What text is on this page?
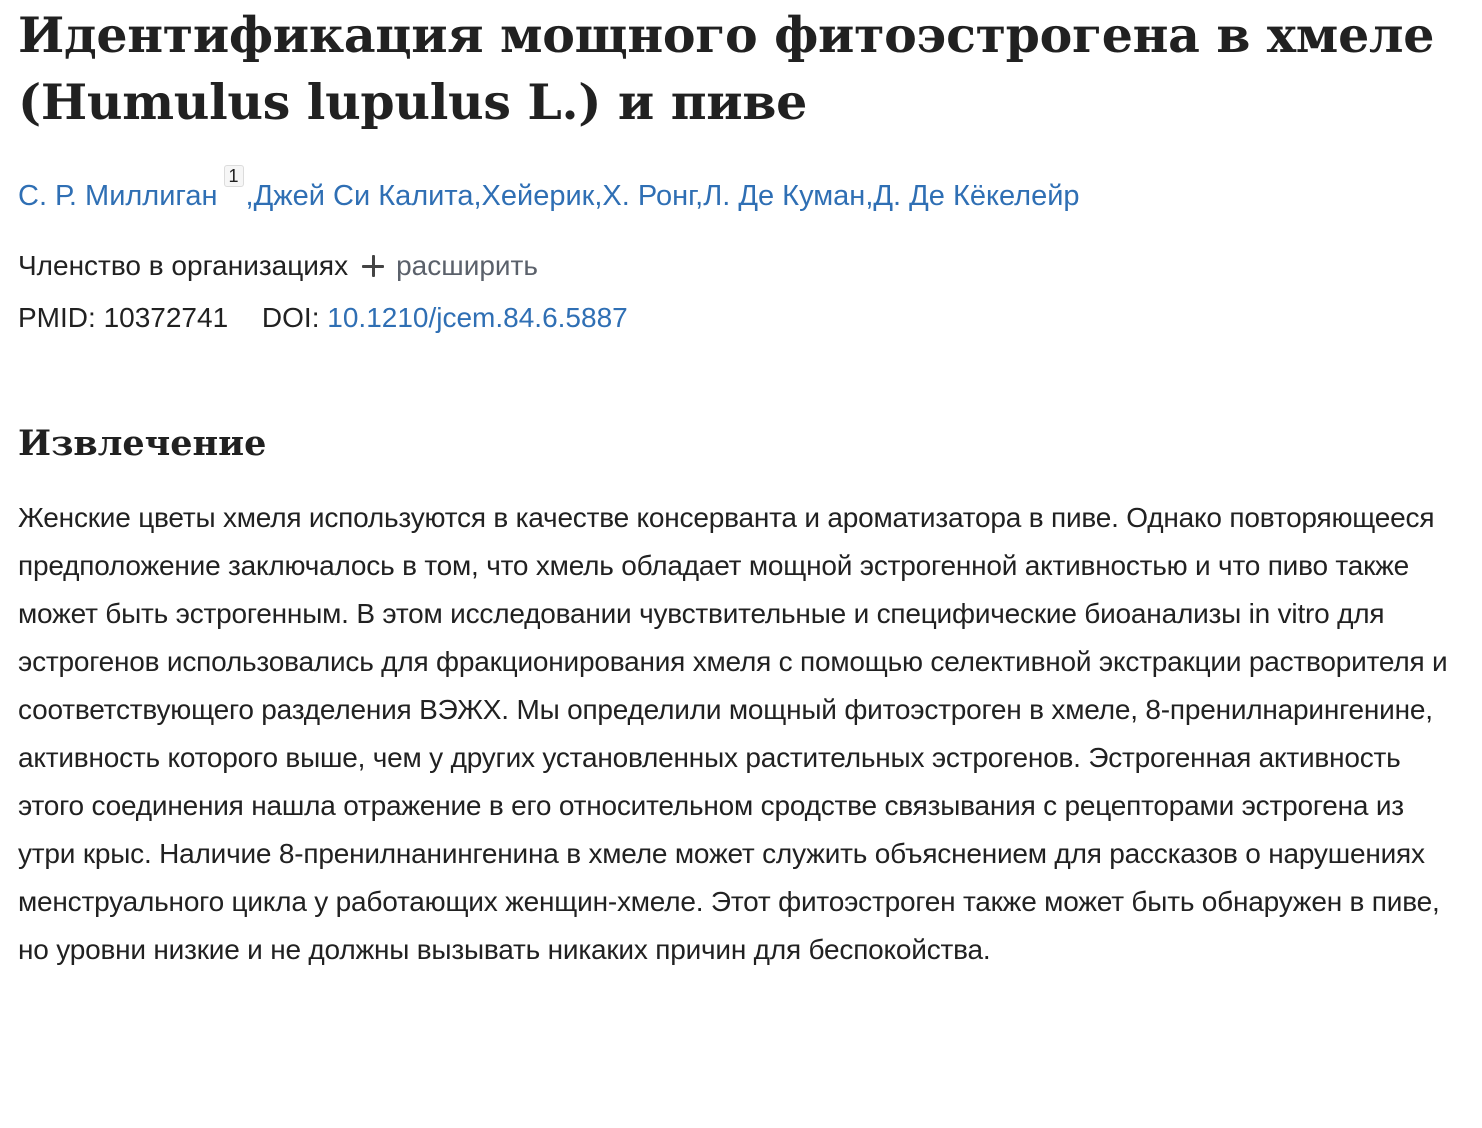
Идентификация мощного фитоэстрогена в хмеле (Humulus lupulus L.) и пиве
С. Р. Миллиган$^1$,Джей Си Калита,Хейерик,Х. Ронг,Л. Де Куман,Д. Де Кёкелейр
Членство в организациях расширить
PMID: 10372741 DOI: 10.1210/jcem.84.6.5887
Извлечение
Женские цветы хмеля используются в качестве консерванта и ароматизатора в пиве. Однако повторяющееся предположение заключалось в том, что хмель обладает мощной эстрогенной активностью и что пиво также может быть эстрогенным. В этом исследовании чувствительные и специфические биоанализы in vitro для эстрогенов использовались для фракционирования хмеля с помощью селективной экстракции растворителя и соответствующего разделения ВЭЖХ. Мы определили мощный фитоэстроген в хмеле, 8-пренилнарингенине, активность которого выше, чем у других установленных растительных эстрогенов. Эстрогенная активность этого соединения нашла отражение в его относительном сродстве связывания с рецепторами эстрогена из утри крыс. Наличие 8-пренилнанингенина в хмеле может служить объяснением для рассказов о нарушениях менструального цикла у работающих женщин-хмеле. Этот фитоэстроген также может быть обнаружен в пиве, но уровни низкие и не должны вызывать никаких причин для беспокойства.
